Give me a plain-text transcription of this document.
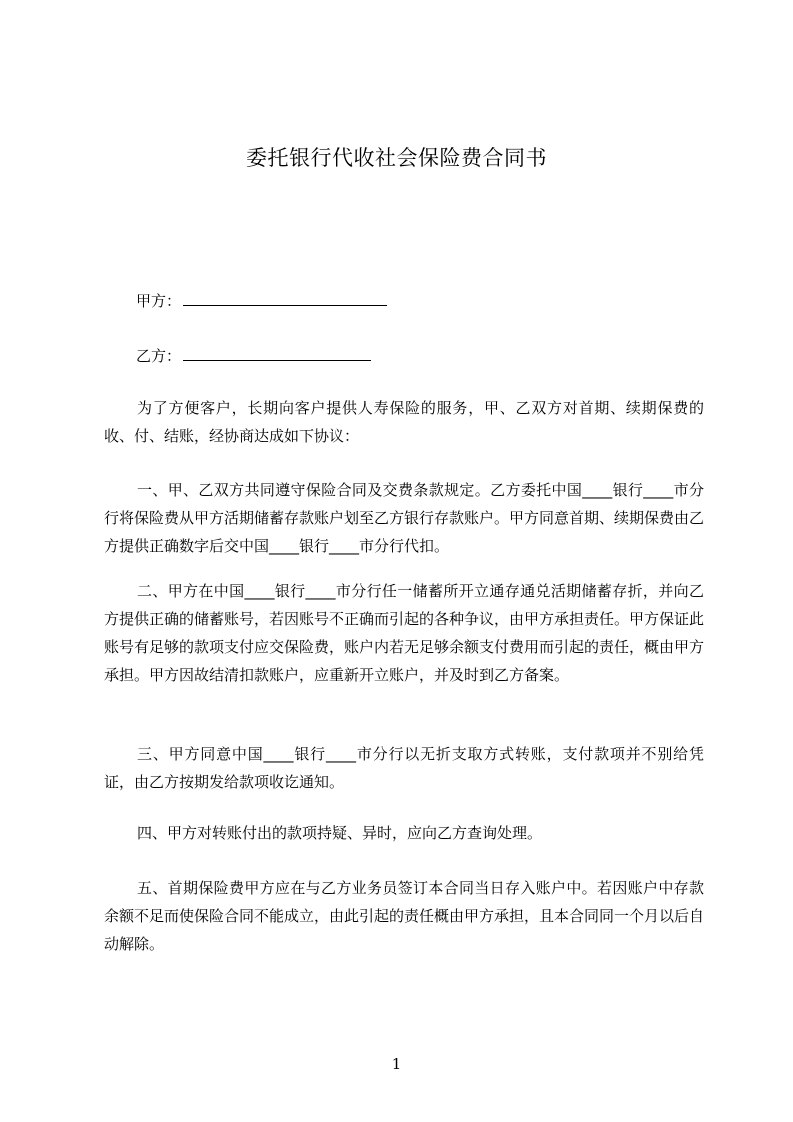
委托银行代收社会保险费合同书
甲方：
乙方：

为了方便客户，长期向客户提供人寿保险的服务，甲、乙双方对首期、续期保费的收、付、结账，经协商达成如下协议：

一、甲、乙双方共同遵守保险合同及交费条款规定。乙方委托中国____银行____市分行将保险费从甲方活期储蓄存款账户划至乙方银行存款账户。甲方同意首期、续期保费由乙方提供正确数字后交中国____银行____市分行代扣。

二、甲方在中国____银行____市分行任一储蓄所开立通存通兑活期储蓄存折，并向乙方提供正确的储蓄账号，若因账号不正确而引起的各种争议，由甲方承担责任。甲方保证此账号有足够的款项支付应交保险费，账户内若无足够余额支付费用而引起的责任，概由甲方承担。甲方因故结清扣款账户，应重新开立账户，并及时到乙方备案。

三、甲方同意中国____银行____市分行以无折支取方式转账，支付款项并不别给凭证，由乙方按期发给款项收讫通知。

四、甲方对转账付出的款项持疑、异时，应向乙方查询处理。

五、首期保险费甲方应在与乙方业务员签订本合同当日存入账户中。若因账户中存款余额不足而使保险合同不能成立，由此引起的责任概由甲方承担，且本合同同一个月以后自动解除。

1
